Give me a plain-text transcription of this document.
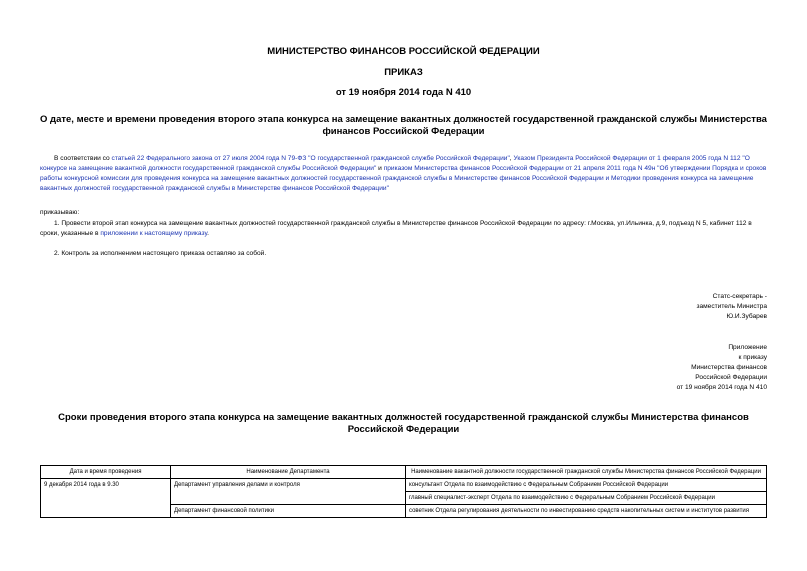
МИНИСТЕРСТВО ФИНАНСОВ РОССИЙСКОЙ ФЕДЕРАЦИИ
ПРИКАЗ
от 19 ноября 2014 года N 410
О дате, месте и времени проведения второго этапа конкурса на замещение вакантных должностей государственной гражданской службы Министерства финансов Российской Федерации
В соответствии со статьей 22 Федерального закона от 27 июля 2004 года N 79-ФЗ "О государственной гражданской службе Российской Федерации", Указом Президента Российской Федерации от 1 февраля 2005 года N 112 "О конкурсе на замещение вакантной должности государственной гражданской службы Российской Федерации" и приказом Министерства финансов Российской Федерации от 21 апреля 2011 года N 49н "Об утверждении Порядка и сроков работы конкурсной комиссии для проведения конкурса на замещение вакантных должностей государственной гражданской службы в Министерстве финансов Российской Федерации и Методики проведения конкурса на замещение вакантных должностей государственной гражданской службы в Министерстве финансов Российской Федерации"
приказываю:
1. Провести второй этап конкурса на замещение вакантных должностей государственной гражданской службы в Министерстве финансов Российской Федерации по адресу: г.Москва, ул.Ильинка, д.9, подъезд N 5, кабинет 112 в сроки, указанные в приложении к настоящему приказу.
2. Контроль за исполнением настоящего приказа оставляю за собой.
Статс-секретарь -
заместитель Министра
Ю.И.Зубарев
Приложение
к приказу
Министерства финансов
Российской Федерации
от 19 ноября 2014 года N 410
Сроки проведения второго этапа конкурса на замещение вакантных должностей государственной гражданской службы Министерства финансов Российской Федерации
Дата и время проведения	Наименование Департамента	Наименование вакантной должности государственной гражданской службы Министерства финансов Российской Федерации
9 декабря 2014 года в 9.30	Департамент управления делами и контроля	консультант Отдела по взаимодействию с Федеральным Собранием Российской Федерации
		главный специалист-эксперт Отдела по взаимодействию с Федеральным Собранием Российской Федерации
	Департамент финансовой политики	советник Отдела регулирования деятельности по инвестированию средств накопительных систем и институтов развития
